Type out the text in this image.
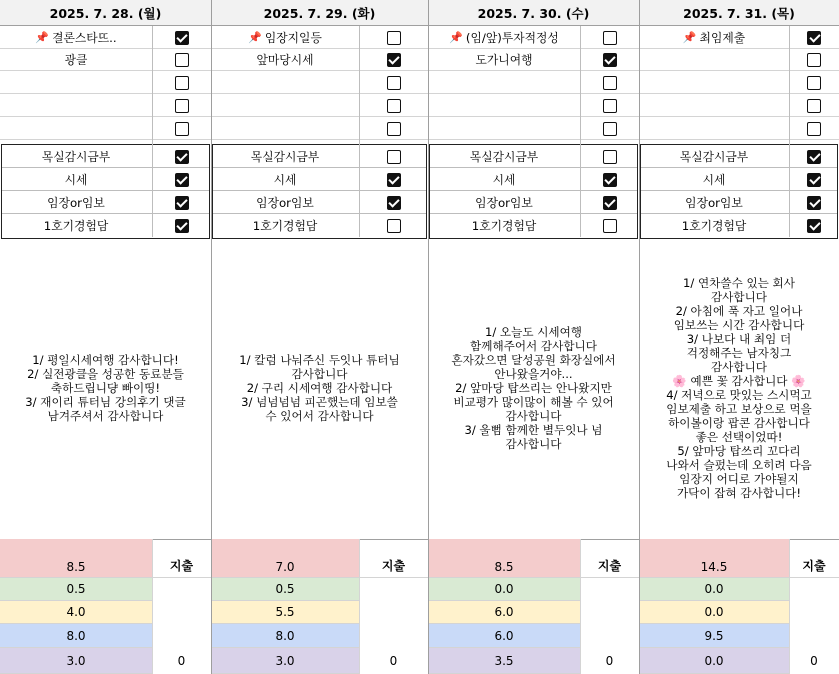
2025. 7. 28. (월)
📌 결론스타뜨..
광클
목실감시금부
시세
임장or임보
1호기경험담
1/ 평일시세여행 감사합니다!
2/ 실전광클을 성공한 동료분들
축하드립니댱 빠이띵!
3/ 재이리 튜터님 강의후기 댓글
남겨주셔서 감사합니다
8.5
0.5
4.0
8.0
3.0
지출
0
2025. 7. 29. (화)
📌 임장지일등
앞마당시세
목실감시금부
시세
임장or임보
1호기경험담
1/ 칼럼 나눠주신 두잇나 튜터님
감사합니다
2/ 구리 시세여행 감사합니다
3/ 넘넘넘넘 피곤했는데 임보쓸
수 있어서 감사합니다
7.0
0.5
5.5
8.0
3.0
지출
0
2025. 7. 30. (수)
📌 (임/앞)투자적정성
도가니여행
목실감시금부
시세
임장or임보
1호기경험담
1/ 오늘도 시세여행
함께해주어서 감사합니다
혼자갔으면 달성공원 화장실에서
안나왔을거야...
2/ 앞마당 탑쓰리는 안나왔지만
비교평가 많이많이 해볼 수 있어
감사합니다
3/ 울뻠 함께한 별두잇나 넘
감사합니다
8.5
0.0
6.0
6.0
3.5
지출
0
2025. 7. 31. (목)
📌 최임제출
목실감시금부
시세
임장or임보
1호기경험담
1/ 연차쓸수 있는 회사
감사합니다
2/ 아침에 푹 자고 일어나
임보쓰는 시간 감사합니다
3/ 나보다 내 최임 더
걱정해주는 남자칭그
감사합니다
🌸 예쁜 꽃 감사합니다 🌸
4/ 저녁으로 맛있는 스시먹고
임보제출 하고 보상으로 먹을
하이볼이랑 팝콘 감사합니다
좋은 선택이었따!
5/ 앞마당 탑쓰리 꼬다리
나와서 슬펐는데 오히려 다음
임장지 어디로 가야될지
가닥이 잡혀 감사합니다!
14.5
0.0
0.0
9.5
0.0
지출
0
